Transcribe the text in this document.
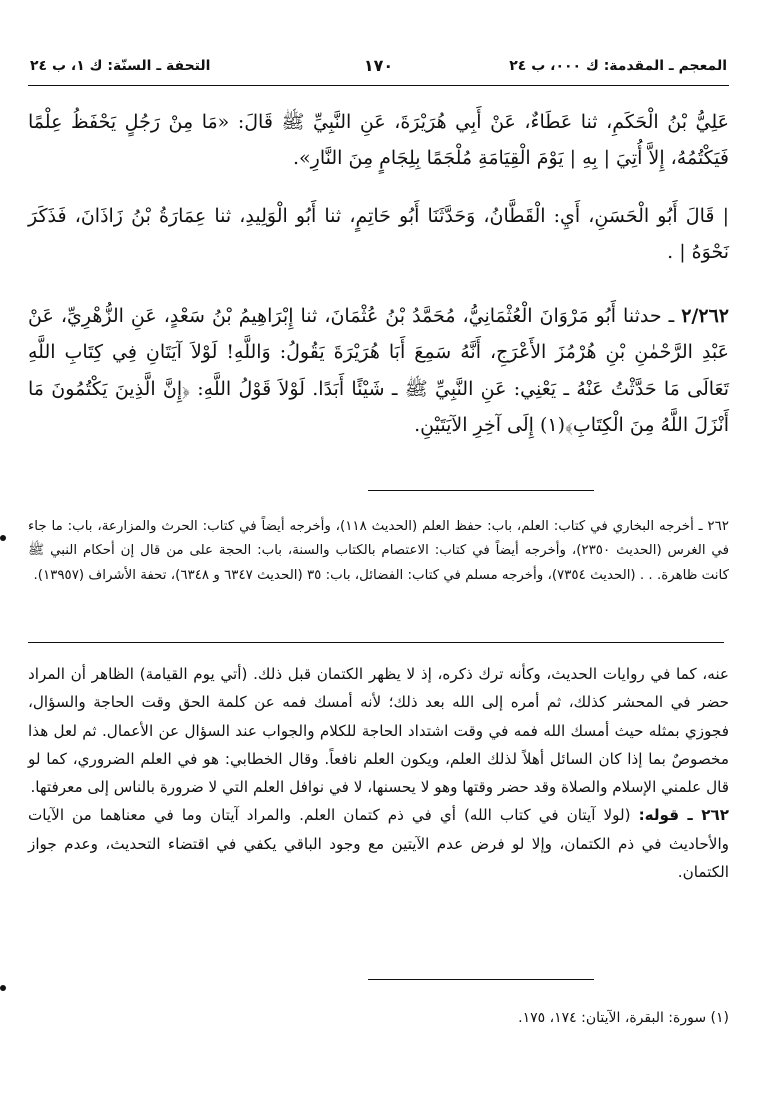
المعجم ـ المقدمة: ك ٠٠٠، ب ٢٤
١٧٠
التحفة ـ السنّة: ك ١، ب ٢٤

عَلِيُّ بْنُ الْحَكَمِ، ثنا عَطَاءٌ، عَنْ أَبِي هُرَيْرَةَ، عَنِ النَّبِيِّ ﷺ قَالَ: «مَا مِنْ رَجُلٍ يَحْفَظُ عِلْمًا فَيَكْتُمُهُ، إِلاَّ أُتِيَ | بِهِ | يَوْمَ الْقِيَامَةِ مُلْجَمًا بِلِجَامٍ مِنَ النَّارِ».

| قَالَ أَبُو الْحَسَنِ، أَيِ: الْقَطَّانُ، وَحَدَّثَنَا أَبُو حَاتِمٍ، ثنا أَبُو الْوَلِيدِ، ثنا عِمَارَةُ بْنُ زَاذَانَ، فَذَكَرَ نَحْوَهُ | .

٢/٢٦٢ ـ حدثنا أَبُو مَرْوَانَ الْعُثْمَانِيُّ، مُحَمَّدُ بْنُ عُثْمَانَ، ثنا إِبْرَاهِيمُ بْنُ سَعْدٍ، عَنِ الزُّهْرِيِّ، عَنْ عَبْدِ الرَّحْمٰنِ بْنِ هُرْمُزَ الأَعْرَجِ، أَنَّهُ سَمِعَ أَبَا هُرَيْرَةَ يَقُولُ: وَاللَّهِ! لَوْلاَ آيَتَانِ فِي كِتَابِ اللَّهِ تَعَالَى مَا حَدَّثْتُ عَنْهُ ـ يَعْنِي: عَنِ النَّبِيِّ ﷺ ـ شَيْئًا أَبَدًا. لَوْلاَ قَوْلُ اللَّهِ: ﴿إِنَّ الَّذِينَ يَكْتُمُونَ مَا أَنْزَلَ اللَّهُ مِنَ الْكِتَابِ﴾(١) إِلَى آخِرِ الآيَتَيْنِ.

٢٦٢ ـ أخرجه البخاري في كتاب: العلم، باب: حفظ العلم (الحديث ١١٨)، وأخرجه أيضاً في كتاب: الحرث والمزارعة، باب: ما جاء في الغرس (الحديث ٢٣٥٠)، وأخرجه أيضاً في كتاب: الاعتصام بالكتاب والسنة، باب: الحجة على من قال إن أحكام النبي ﷺ كانت ظاهرة. . . (الحديث ٧٣٥٤)، وأخرجه مسلم في كتاب: الفضائل، باب: ٣٥ (الحديث ٦٣٤٧ و ٦٣٤٨)، تحفة الأشراف (١٣٩٥٧).

عنه، كما في روايات الحديث، وكأنه ترك ذكره، إذ لا يظهر الكتمان قبل ذلك. (أتي يوم القيامة) الظاهر أن المراد حضر في المحشر كذلك، ثم أمره إلى الله بعد ذلك؛ لأنه أمسك فمه عن كلمة الحق وقت الحاجة والسؤال، فجوزي بمثله حيث أمسك الله فمه في وقت اشتداد الحاجة للكلام والجواب عند السؤال عن الأعمال. ثم لعل هذا مخصوصٌ بما إذا كان السائل أهلاً لذلك العلم، ويكون العلم نافعاً. وقال الخطابي: هو في العلم الضروري، كما لو قال علمني الإسلام والصلاة وقد حضر وقتها وهو لا يحسنها، لا في نوافل العلم التي لا ضرورة بالناس إلى معرفتها.

٢٦٢ ـ قوله: (لولا آيتان في كتاب الله) أي في ذم كتمان العلم. والمراد آيتان وما في معناهما من الآيات والأحاديث في ذم الكتمان، وإلا لو فرض عدم الآيتين مع وجود الباقي يكفي في اقتضاء التحديث، وعدم جواز الكتمان.

(١) سورة: البقرة، الآيتان: ١٧٤، ١٧٥.
